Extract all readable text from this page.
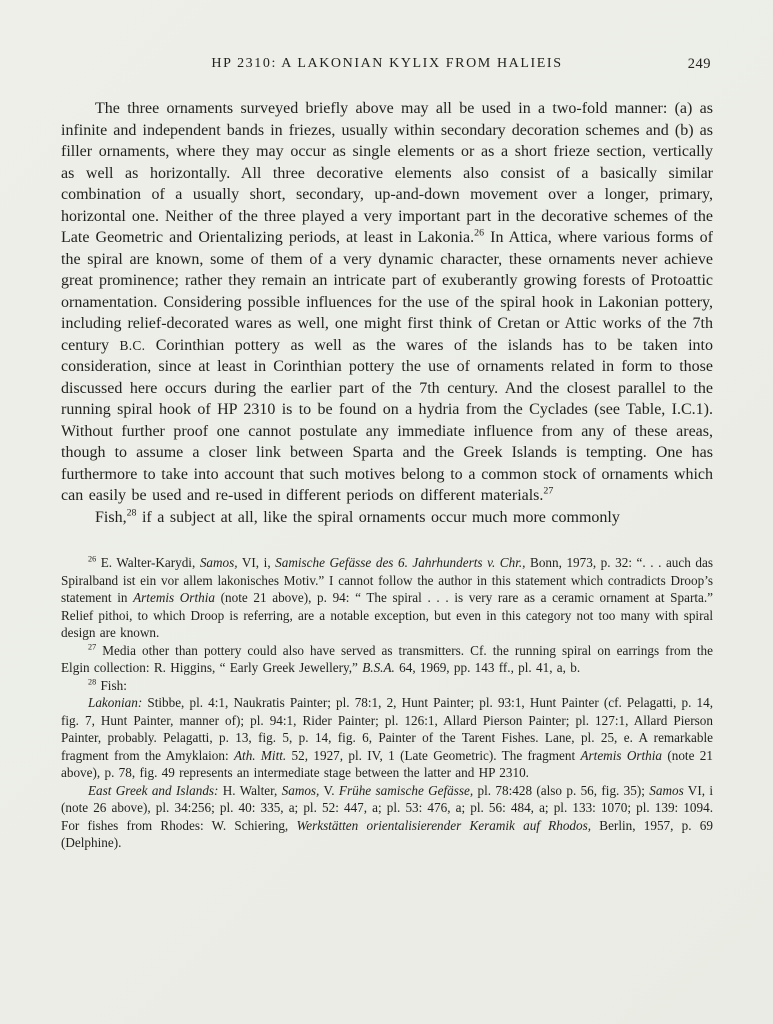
HP 2310: A LAKONIAN KYLIX FROM HALIEIS	249

The three ornaments surveyed briefly above may all be used in a two-fold manner: (a) as infinite and independent bands in friezes, usually within secondary decoration schemes and (b) as filler ornaments, where they may occur as single elements or as a short frieze section, vertically as well as horizontally. All three decorative elements also consist of a basically similar combination of a usually short, secondary, up-and-down movement over a longer, primary, horizontal one. Neither of the three played a very important part in the decorative schemes of the Late Geometric and Orientalizing periods, at least in Lakonia.$^{26}$ In Attica, where various forms of the spiral are known, some of them of a very dynamic character, these ornaments never achieve great prominence; rather they remain an intricate part of exuberantly growing forests of Protoattic ornamentation. Considering possible influences for the use of the spiral hook in Lakonian pottery, including relief-decorated wares as well, one might first think of Cretan or Attic works of the 7th century B.C. Corinthian pottery as well as the wares of the islands has to be taken into consideration, since at least in Corinthian pottery the use of ornaments related in form to those discussed here occurs during the earlier part of the 7th century. And the closest parallel to the running spiral hook of HP 2310 is to be found on a hydria from the Cyclades (see Table, I.C.1). Without further proof one cannot postulate any immediate influence from any of these areas, though to assume a closer link between Sparta and the Greek Islands is tempting. One has furthermore to take into account that such motives belong to a common stock of ornaments which can easily be used and re-used in different periods on different materials.$^{27}$

Fish,$^{28}$ if a subject at all, like the spiral ornaments occur much more commonly

$^{26}$ E. Walter-Karydi, Samos, VI, i, Samische Gefässe des 6. Jahrhunderts v. Chr., Bonn, 1973, p. 32: “. . . auch das Spiralband ist ein vor allem lakonisches Motiv.” I cannot follow the author in this statement which contradicts Droop’s statement in Artemis Orthia (note 21 above), p. 94: “ The spiral . . . is very rare as a ceramic ornament at Sparta.” Relief pithoi, to which Droop is referring, are a notable exception, but even in this category not too many with spiral design are known.

$^{27}$ Media other than pottery could also have served as transmitters. Cf. the running spiral on earrings from the Elgin collection: R. Higgins, “ Early Greek Jewellery,” B.S.A. 64, 1969, pp. 143 ff., pl. 41, a, b.

$^{28}$ Fish:

Lakonian: Stibbe, pl. 4:1, Naukratis Painter; pl. 78:1, 2, Hunt Painter; pl. 93:1, Hunt Painter (cf. Pelagatti, p. 14, fig. 7, Hunt Painter, manner of); pl. 94:1, Rider Painter; pl. 126:1, Allard Pierson Painter; pl. 127:1, Allard Pierson Painter, probably. Pelagatti, p. 13, fig. 5, p. 14, fig. 6, Painter of the Tarent Fishes. Lane, pl. 25, e. A remarkable fragment from the Amyklaion: Ath. Mitt. 52, 1927, pl. IV, 1 (Late Geometric). The fragment Artemis Orthia (note 21 above), p. 78, fig. 49 represents an intermediate stage between the latter and HP 2310.

East Greek and Islands: H. Walter, Samos, V. Frühe samische Gefässe, pl. 78:428 (also p. 56, fig. 35); Samos VI, i (note 26 above), pl. 34:256; pl. 40: 335, a; pl. 52: 447, a; pl. 53: 476, a; pl. 56: 484, a; pl. 133: 1070; pl. 139: 1094. For fishes from Rhodes: W. Schiering, Werkstätten orientalisierender Keramik auf Rhodos, Berlin, 1957, p. 69 (Delphine).
